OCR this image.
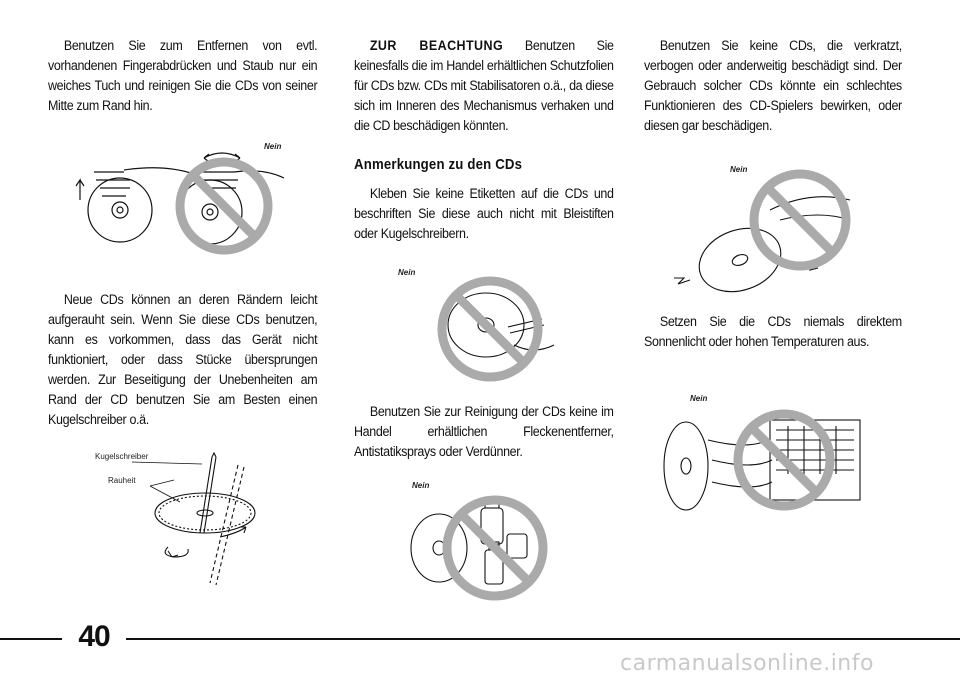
Benutzen Sie zum Entfernen von evtl. vorhandenen Fingerabdrücken und Staub nur ein weiches Tuch und reinigen Sie die CDs von seiner Mitte zum Rand hin.

Neue CDs können an deren Rändern leicht aufgerauht sein. Wenn Sie diese CDs benutzen, kann es vorkommen, dass das Gerät nicht funktioniert, oder dass Stücke übersprungen werden. Zur Beseitigung der Unebenheiten am Rand der CD benutzen Sie am Besten einen Kugelschreiber o.ä.

ZUR BEACHTUNG Benutzen Sie keinesfalls die im Handel erhältlichen Schutzfolien für CDs bzw. CDs mit Stabilisatoren o.ä., da diese sich im Inneren des Mechanismus verhaken und die CD beschädigen könnten.

Anmerkungen zu den CDs

Kleben Sie keine Etiketten auf die CDs und beschriften Sie diese auch nicht mit Bleistiften oder Kugelschreibern.

Benutzen Sie zur Reinigung der CDs keine im Handel erhältlichen Fleckenentferner, Antistatiksprays oder Verdünner.

Benutzen Sie keine CDs, die verkratzt, verbogen oder anderweitig beschädigt sind. Der Gebrauch solcher CDs könnte ein schlechtes Funktionieren des CD-Spielers bewirken, oder diesen gar beschädigen.

Setzen Sie die CDs niemals direktem Sonnenlicht oder hohen Temperaturen aus.

Nein
Kugelschreiber
Rauheit
Nein
Nein
Nein
Nein
40
carmanualsonline.info
